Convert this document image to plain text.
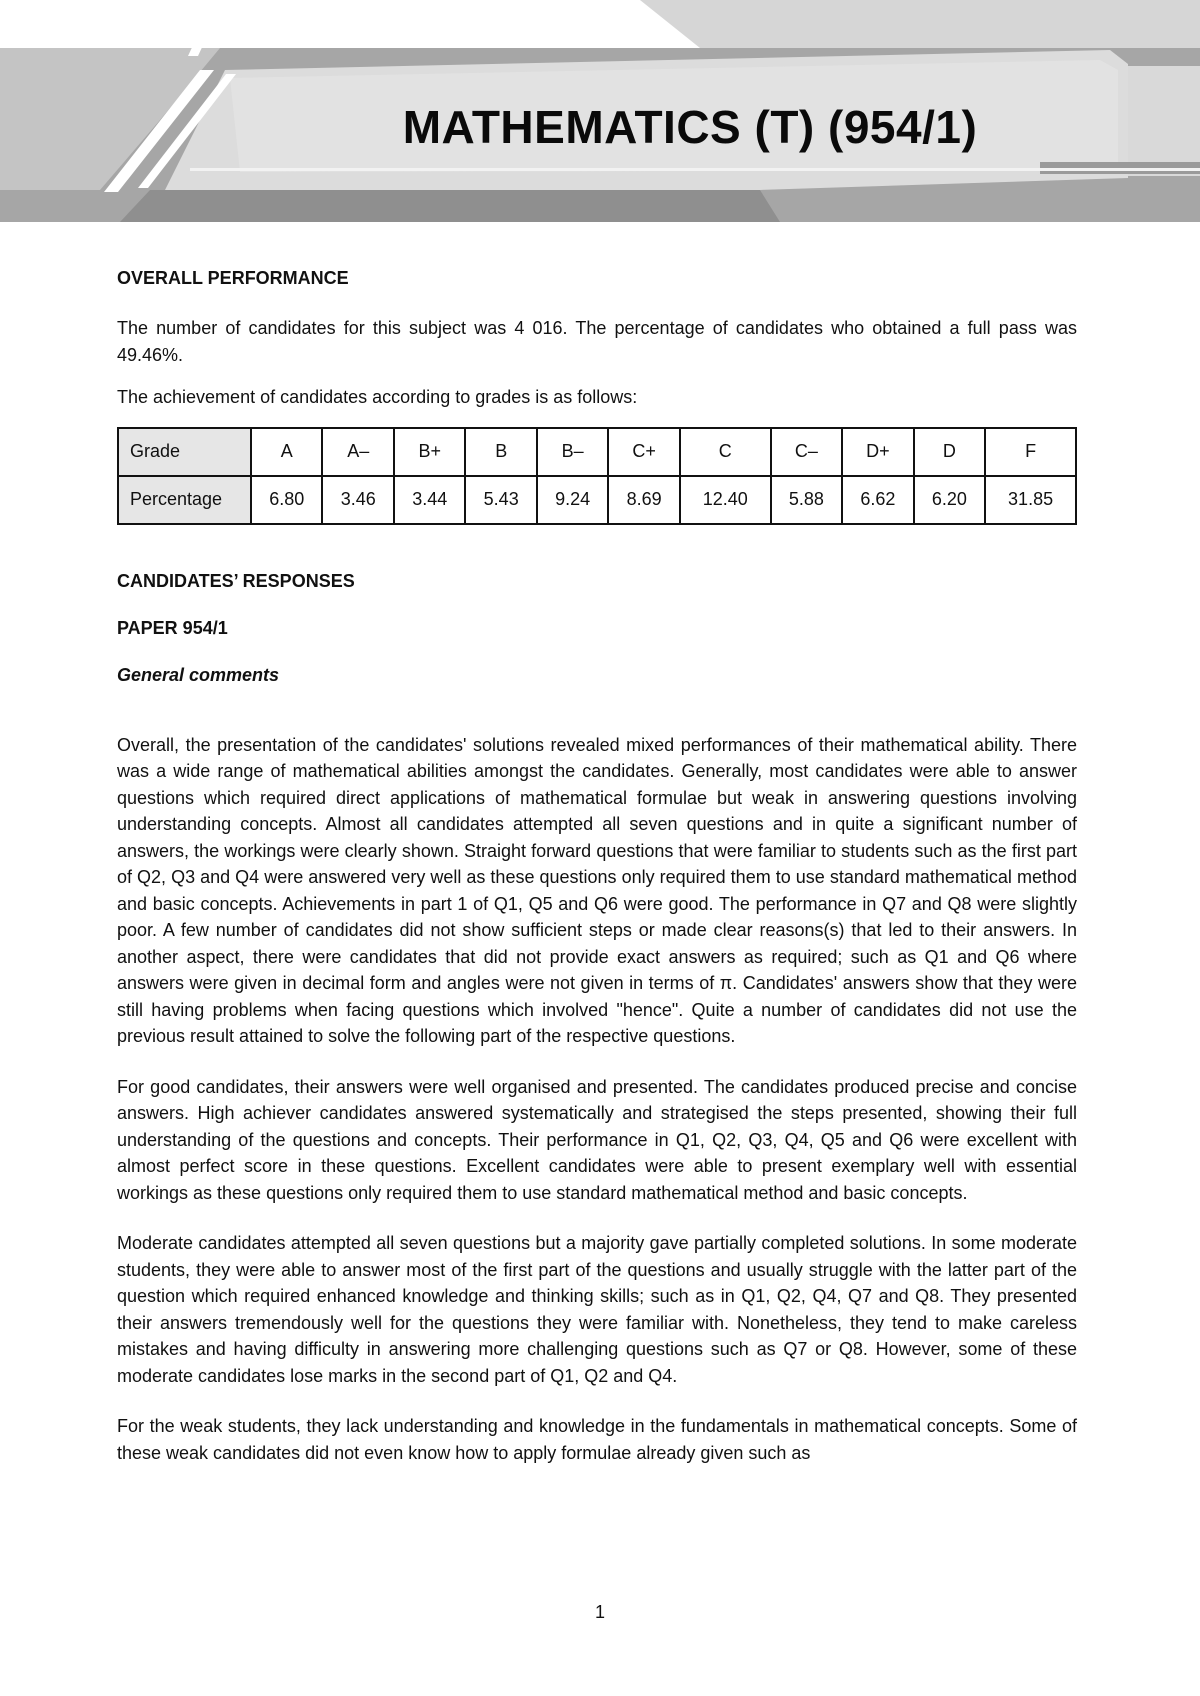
MATHEMATICS (T) (954/1)

OVERALL PERFORMANCE

The number of candidates for this subject was 4 016. The percentage of candidates who obtained a full pass was 49.46%.

The achievement of candidates according to grades is as follows:

Grade	A	A–	B+	B	B–	C+	C	C–	D+	D	F
Percentage	6.80	3.46	3.44	5.43	9.24	8.69	12.40	5.88	6.62	6.20	31.85

CANDIDATES’ RESPONSES

PAPER 954/1

General comments

Overall, the presentation of the candidates' solutions revealed mixed performances of their mathematical ability. There was a wide range of mathematical abilities amongst the candidates. Generally, most candidates were able to answer questions which required direct applications of mathematical formulae but weak in answering questions involving understanding concepts. Almost all candidates attempted all seven questions and in quite a significant number of answers, the workings were clearly shown. Straight forward questions that were familiar to students such as the first part of Q2, Q3 and Q4 were answered very well as these questions only required them to use standard mathematical method and basic concepts. Achievements in part 1 of Q1, Q5 and Q6 were good. The performance in Q7 and Q8 were slightly poor. A few number of candidates did not show sufficient steps or made clear reasons(s) that led to their answers. In another aspect, there were candidates that did not provide exact answers as required; such as Q1 and Q6 where answers were given in decimal form and angles were not given in terms of π. Candidates' answers show that they were still having problems when facing questions which involved "hence". Quite a number of candidates did not use the previous result attained to solve the following part of the respective questions.

For good candidates, their answers were well organised and presented. The candidates produced precise and concise answers. High achiever candidates answered systematically and strategised the steps presented, showing their full understanding of the questions and concepts. Their performance in Q1, Q2, Q3, Q4, Q5 and Q6 were excellent with almost perfect score in these questions. Excellent candidates were able to present exemplary well with essential workings as these questions only required them to use standard mathematical method and basic concepts.

Moderate candidates attempted all seven questions but a majority gave partially completed solutions. In some moderate students, they were able to answer most of the first part of the questions and usually struggle with the latter part of the question which required enhanced knowledge and thinking skills; such as in Q1, Q2, Q4, Q7 and Q8. They presented their answers tremendously well for the questions they were familiar with. Nonetheless, they tend to make careless mistakes and having difficulty in answering more challenging questions such as Q7 or Q8. However, some of these moderate candidates lose marks in the second part of Q1, Q2 and Q4.

For the weak students, they lack understanding and knowledge in the fundamentals in mathematical concepts. Some of these weak candidates did not even know how to apply formulae already given such as

1
